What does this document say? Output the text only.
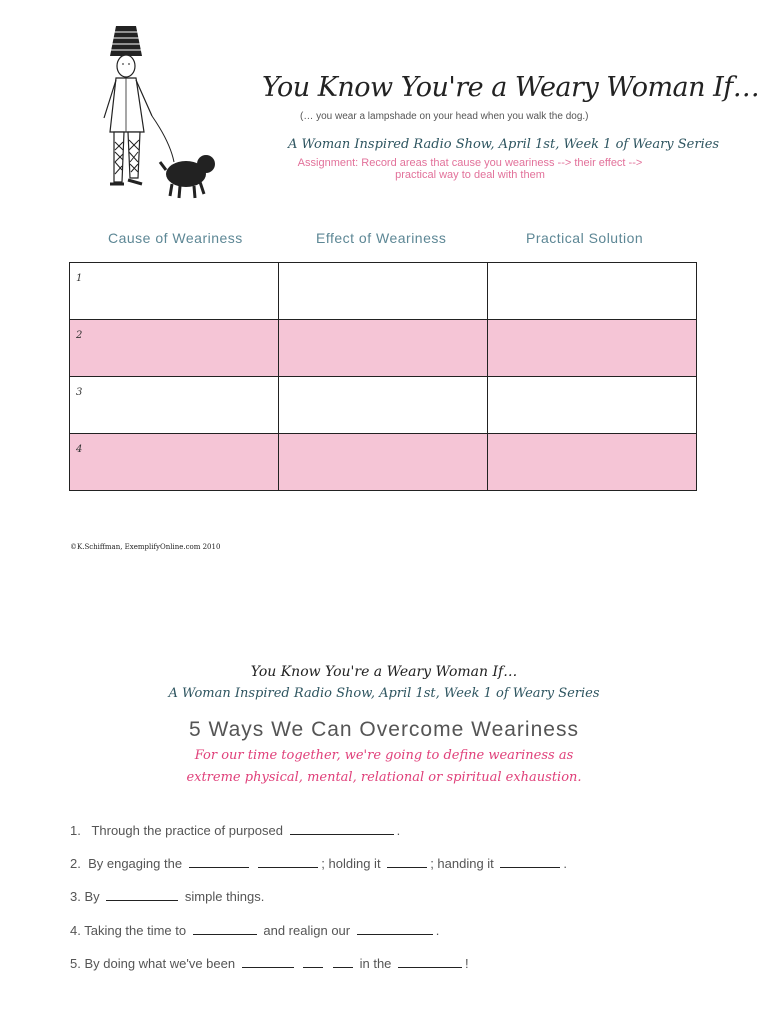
You Know You're a Weary Woman If…
(… you wear a lampshade on your head when you walk the dog.)
A Woman Inspired Radio Show, April 1st, Week 1 of Weary Series
Assignment: Record areas that cause you weariness --> their effect -->
practical way to deal with them
Cause of Weariness	Effect of Weariness	Practical Solution
1		

2		

3		

4		

©K.Schiffman, ExemplifyOnline.com 2010
You Know You're a Weary Woman If…
A Woman Inspired Radio Show, April 1st, Week 1 of Weary Series
5 Ways We Can Overcome Weariness
For our time together, we're going to define weariness as
extreme physical, mental, relational or spiritual exhaustion.
1. Through the practice of purposed	.
2. By engaging the	; holding it	; handing it	.
3. By	simple things.
4. Taking the time to	and realign our	.
5. By doing what we've been	in the	!
